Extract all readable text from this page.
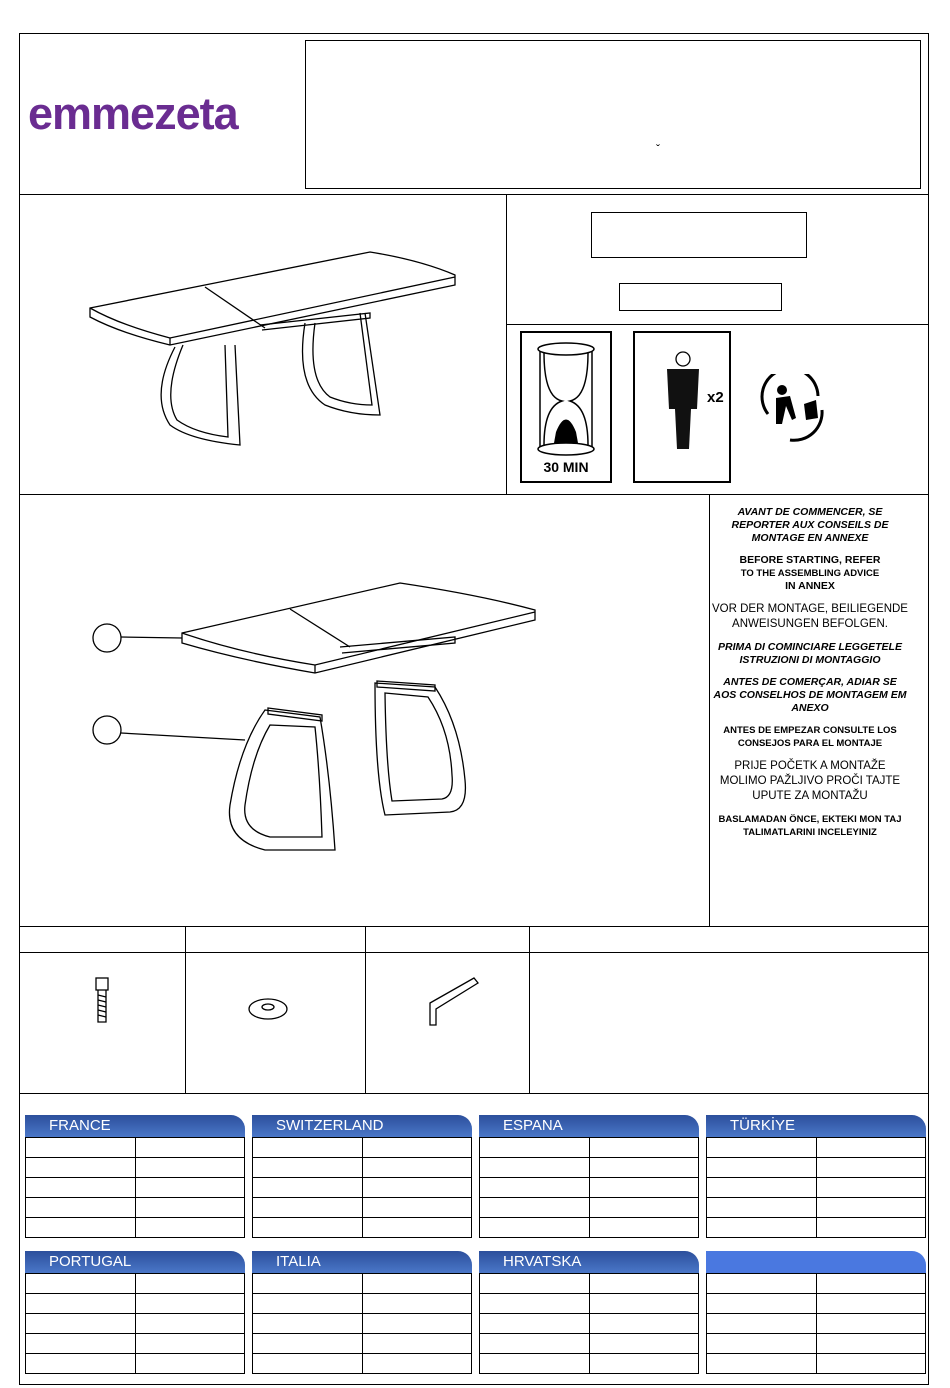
emmezeta
ˇ
30 MIN
x2

AVANT DE COMMENCER, SE REPORTER AUX CONSEILS DE MONTAGE EN ANNEXE

BEFORE STARTING, REFER

TO THE ASSEMBLING ADVICE

IN ANNEX

VOR DER MONTAGE, BEILIEGENDE ANWEISUNGEN BEFOLGEN.

PRIMA DI COMINCIARE LEGGETELE ISTRUZIONI DI MONTAGGIO

ANTES DE COMERÇAR, ADIAR SE AOS CONSELHOS DE MONTAGEM EM ANEXO

ANTES DE EMPEZAR CONSULTE LOS CONSEJOS PARA EL MONTAJE

PRIJE POČETK A MONTAŽE MOLIMO PAŽLJIVO PROČI TAJTE UPUTE ZA MONTAŽU

BASLAMADAN ÖNCE, EKTEKI MON TAJ TALIMATLARINI INCELEYINIZ

FRANCE

		SWITZERLAND

		ESPANA

		TÜRKİYE

PORTUGAL

		ITALIA

		HRVATSKA
